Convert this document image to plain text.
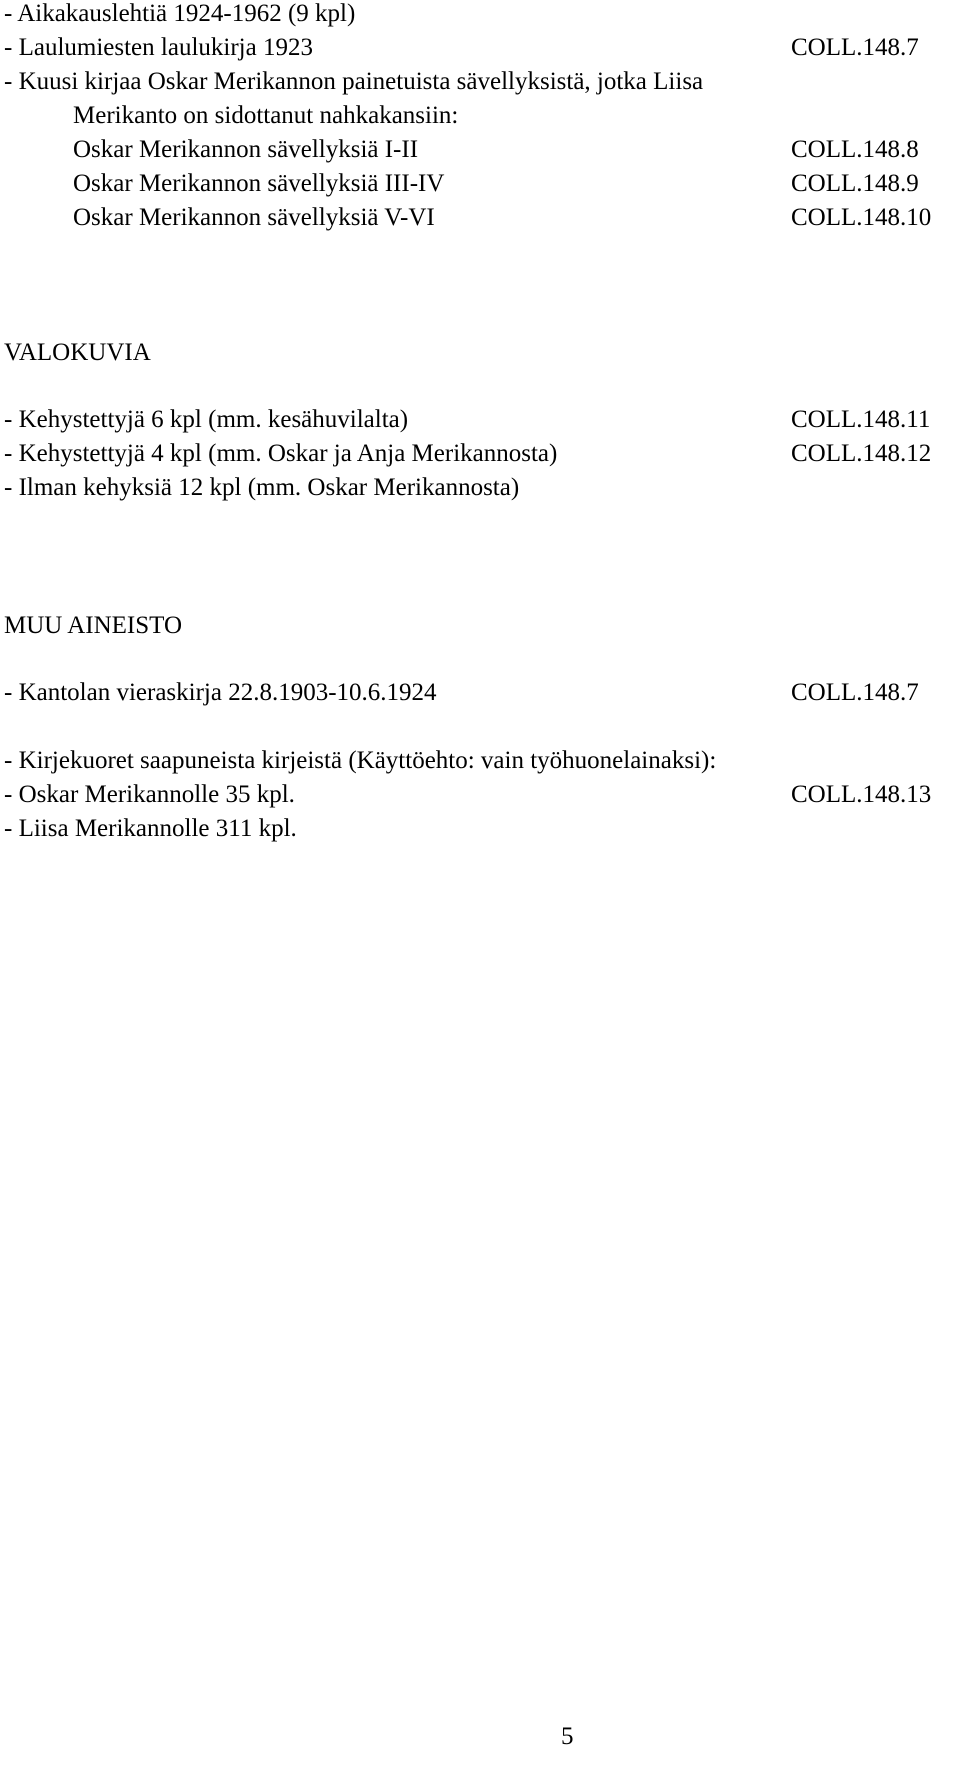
- Aikakauslehtiä 1924-1962 (9 kpl)
- Laulumiesten laulukirja 1923	COLL.148.7
- Kuusi kirjaa Oskar Merikannon painetuista sävellyksistä, jotka Liisa
Merikanto on sidottanut nahkakansiin:
Oskar Merikannon sävellyksiä I-II	COLL.148.8
Oskar Merikannon sävellyksiä III-IV	COLL.148.9
Oskar Merikannon sävellyksiä V-VI	COLL.148.10
VALOKUVIA
- Kehystettyjä 6 kpl (mm. kesähuvilalta)	COLL.148.11
- Kehystettyjä 4 kpl (mm. Oskar ja Anja Merikannosta)	COLL.148.12
- Ilman kehyksiä 12 kpl (mm. Oskar Merikannosta)
MUU AINEISTO
- Kantolan vieraskirja 22.8.1903-10.6.1924	COLL.148.7
- Kirjekuoret saapuneista kirjeistä (Käyttöehto: vain työhuonelainaksi):
- Oskar Merikannolle 35 kpl.	COLL.148.13
- Liisa Merikannolle 311 kpl.
5
